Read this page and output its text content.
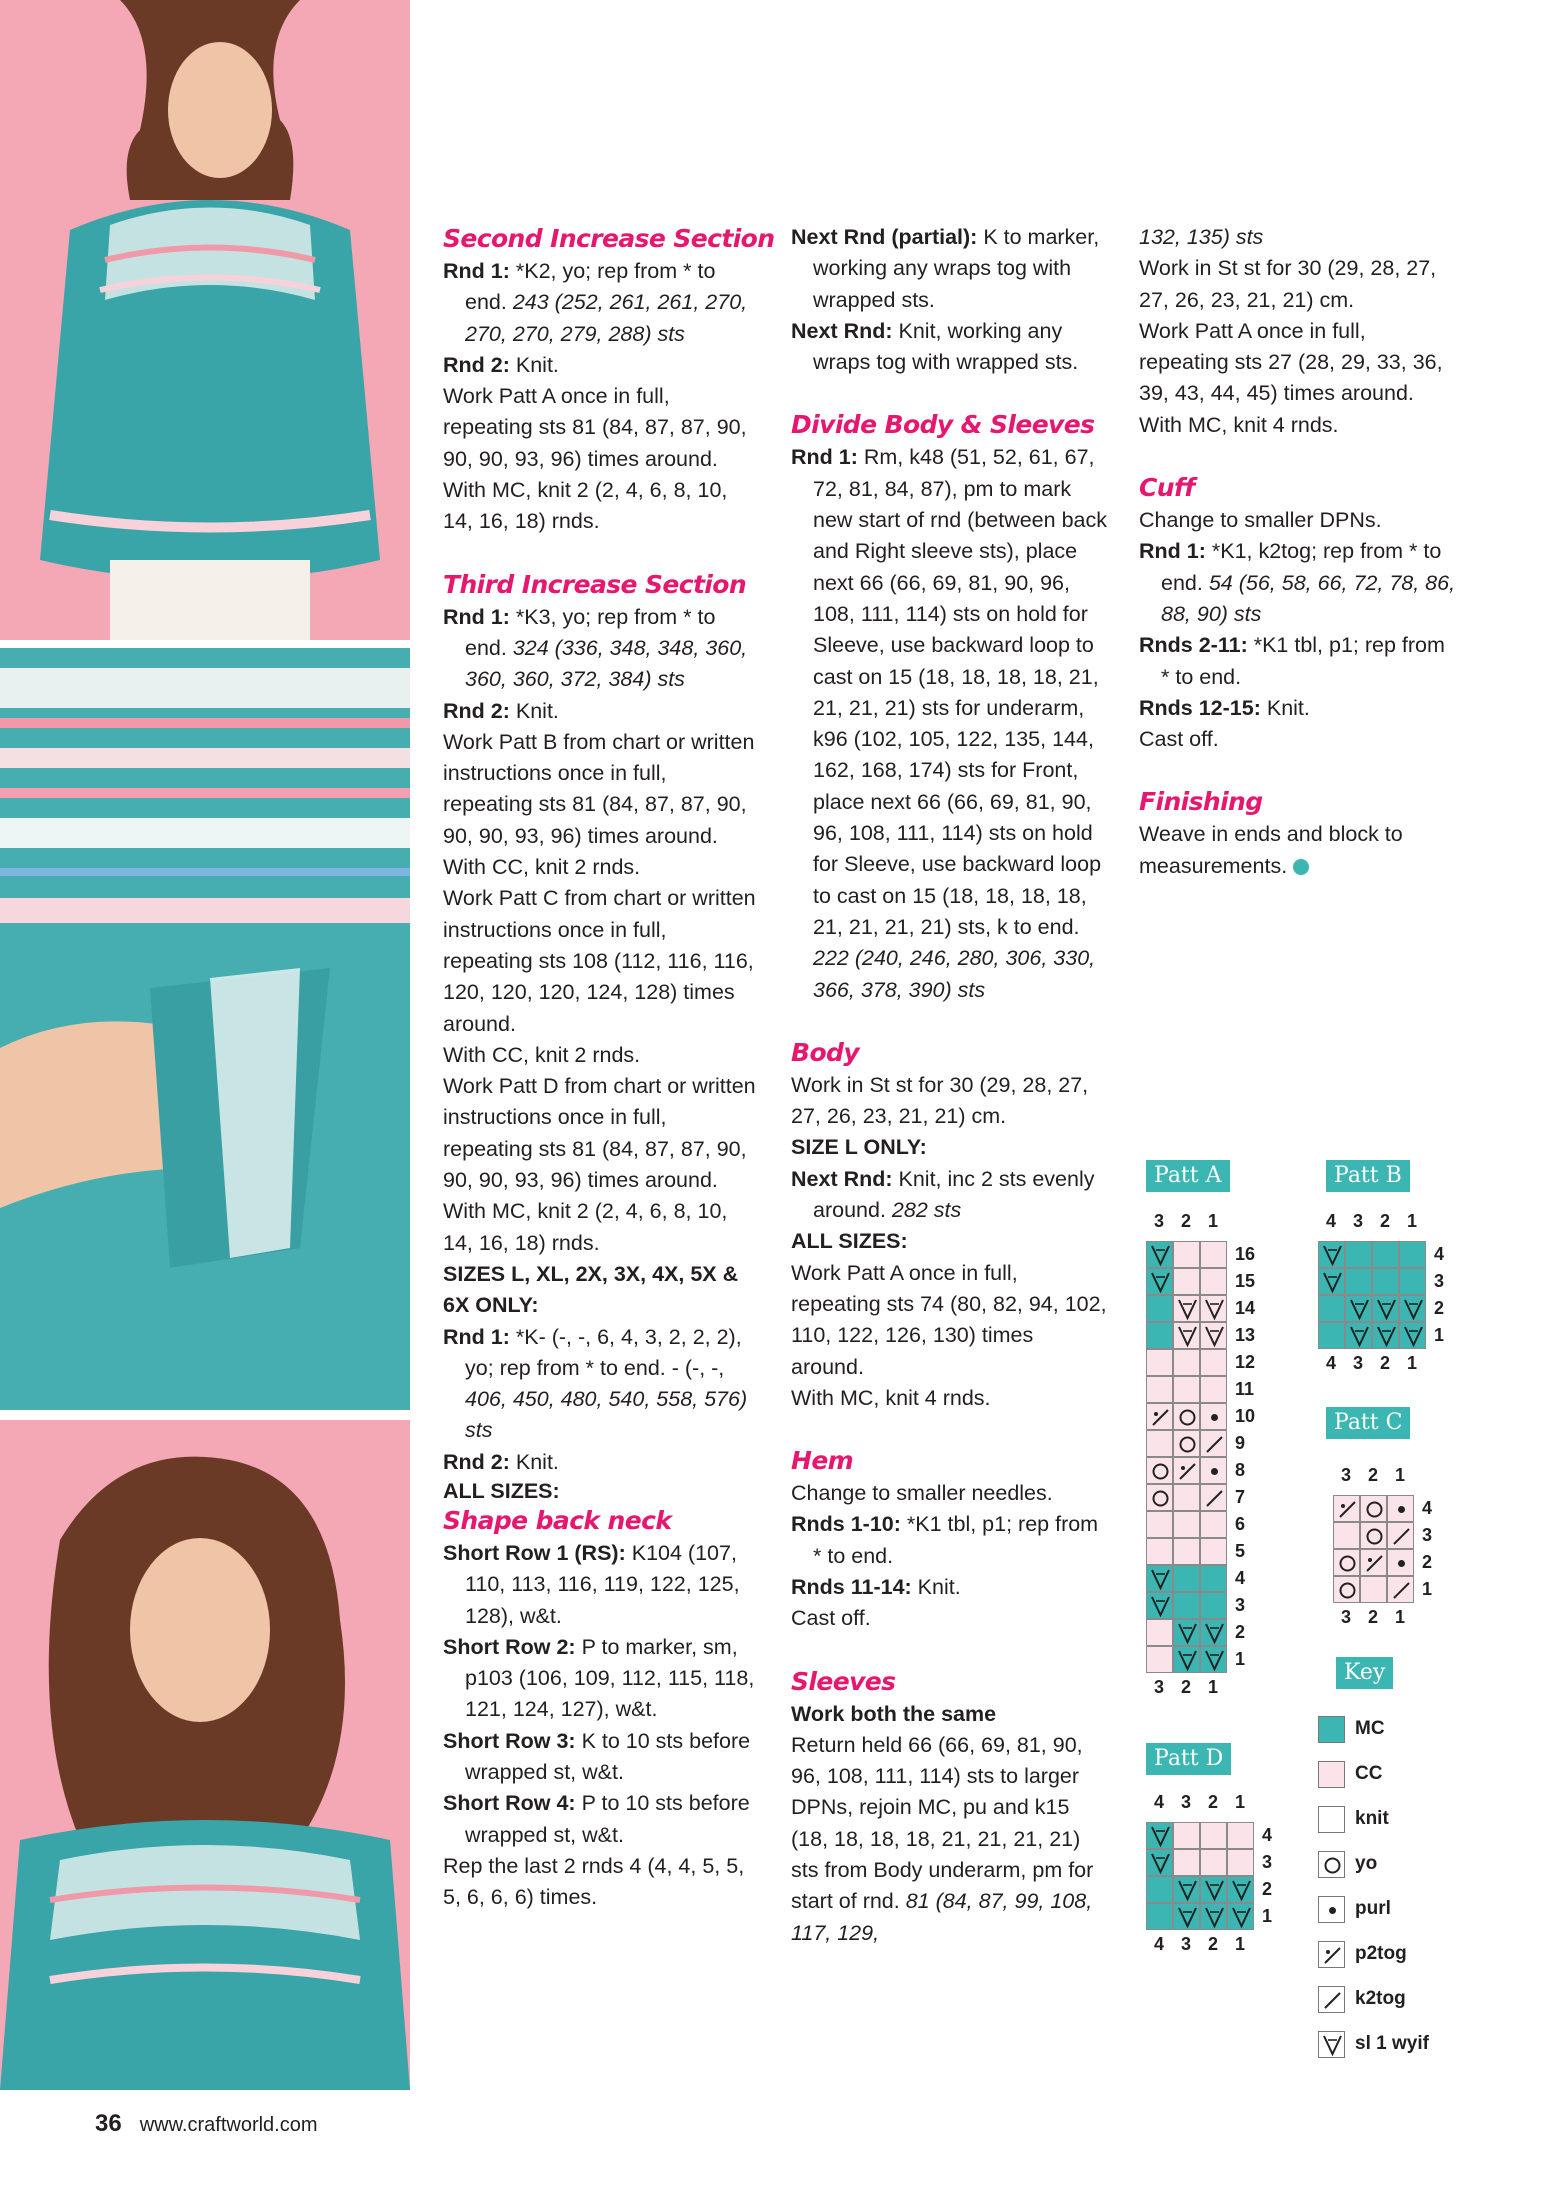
Second Increase Section

Rnd 1: *K2, yo; rep from * to end. 243 (252, 261, 261, 270, 270, 270, 279, 288) sts

Rnd 2: Knit.

Work Patt A once in full, repeating sts 81 (84, 87, 87, 90, 90, 90, 93, 96) times around.

With MC, knit 2 (2, 4, 6, 8, 10, 14, 16, 18) rnds.

Third Increase Section

Rnd 1: *K3, yo; rep from * to end. 324 (336, 348, 348, 360, 360, 360, 372, 384) sts

Rnd 2: Knit.

Work Patt B from chart or written instructions once in full, repeating sts 81 (84, 87, 87, 90, 90, 90, 93, 96) times around.

With CC, knit 2 rnds.

Work Patt C from chart or written instructions once in full, repeating sts 108 (112, 116, 116, 120, 120, 120, 124, 128) times around.

With CC, knit 2 rnds.

Work Patt D from chart or written instructions once in full, repeating sts 81 (84, 87, 87, 90, 90, 90, 93, 96) times around.

With MC, knit 2 (2, 4, 6, 8, 10, 14, 16, 18) rnds.

SIZES L, XL, 2X, 3X, 4X, 5X & 6X ONLY:

Rnd 1: *K- (-, -, 6, 4, 3, 2, 2, 2), yo; rep from * to end. - (-, -, 406, 450, 480, 540, 558, 576) sts

Rnd 2: Knit.

ALL SIZES:

Shape back neck

Short Row 1 (RS): K104 (107, 110, 113, 116, 119, 122, 125, 128), w&t.

Short Row 2: P to marker, sm, p103 (106, 109, 112, 115, 118, 121, 124, 127), w&t.

Short Row 3: K to 10 sts before wrapped st, w&t.

Short Row 4: P to 10 sts before wrapped st, w&t.

Rep the last 2 rnds 4 (4, 4, 5, 5, 5, 6, 6, 6) times.

Next Rnd (partial): K to marker, working any wraps tog with wrapped sts.

Next Rnd: Knit, working any wraps tog with wrapped sts.

Divide Body & Sleeves

Rnd 1: Rm, k48 (51, 52, 61, 67, 72, 81, 84, 87), pm to mark new start of rnd (between back and Right sleeve sts), place next 66 (66, 69, 81, 90, 96, 108, 111, 114) sts on hold for Sleeve, use backward loop to cast on 15 (18, 18, 18, 18, 21, 21, 21, 21) sts for underarm, k96 (102, 105, 122, 135, 144, 162, 168, 174) sts for Front, place next 66 (66, 69, 81, 90, 96, 108, 111, 114) sts on hold for Sleeve, use backward loop to cast on 15 (18, 18, 18, 18, 21, 21, 21, 21) sts, k to end. 222 (240, 246, 280, 306, 330, 366, 378, 390) sts

Body

Work in St st for 30 (29, 28, 27, 27, 26, 23, 21, 21) cm.

SIZE L ONLY:

Next Rnd: Knit, inc 2 sts evenly around. 282 sts

ALL SIZES:

Work Patt A once in full, repeating sts 74 (80, 82, 94, 102, 110, 122, 126, 130) times around.

With MC, knit 4 rnds.

Hem

Change to smaller needles.

Rnds 1-10: *K1 tbl, p1; rep from * to end.

Rnds 11-14: Knit.

Cast off.

Sleeves

Work both the same

Return held 66 (66, 69, 81, 90, 96, 108, 111, 114) sts to larger DPNs, rejoin MC, pu and k15 (18, 18, 18, 18, 21, 21, 21, 21) sts from Body underarm, pm for start of rnd. 81 (84, 87, 99, 108, 117, 129,

132, 135) sts

Work in St st for 30 (29, 28, 27, 27, 26, 23, 21, 21) cm.

Work Patt A once in full, repeating sts 27 (28, 29, 33, 36, 39, 43, 44, 45) times around.

With MC, knit 4 rnds.

Cuff

Change to smaller DPNs.

Rnd 1: *K1, k2tog; rep from * to end. 54 (56, 58, 66, 72, 78, 86, 88, 90) sts

Rnds 2-11: *K1 tbl, p1; rep from * to end.

Rnds 12-15: Knit.

Cast off.

Finishing

Weave in ends and block to measurements.

Patt A
3 2 1
16
15
14
13
12
11
10
9
8
7
6
5
4
3
2
1
3 2 1
Patt B
4 3 2 1
4
3
2
1
4 3 2 1
Patt C
3 2 1
4
3
2
1
3 2 1
Patt D
4 3 2 1
4
3
2
1
4 3 2 1
Key
MC
CC
knit
yo
purl
p2tog
k2tog
sl 1 wyif
36 www.craftworld.com
